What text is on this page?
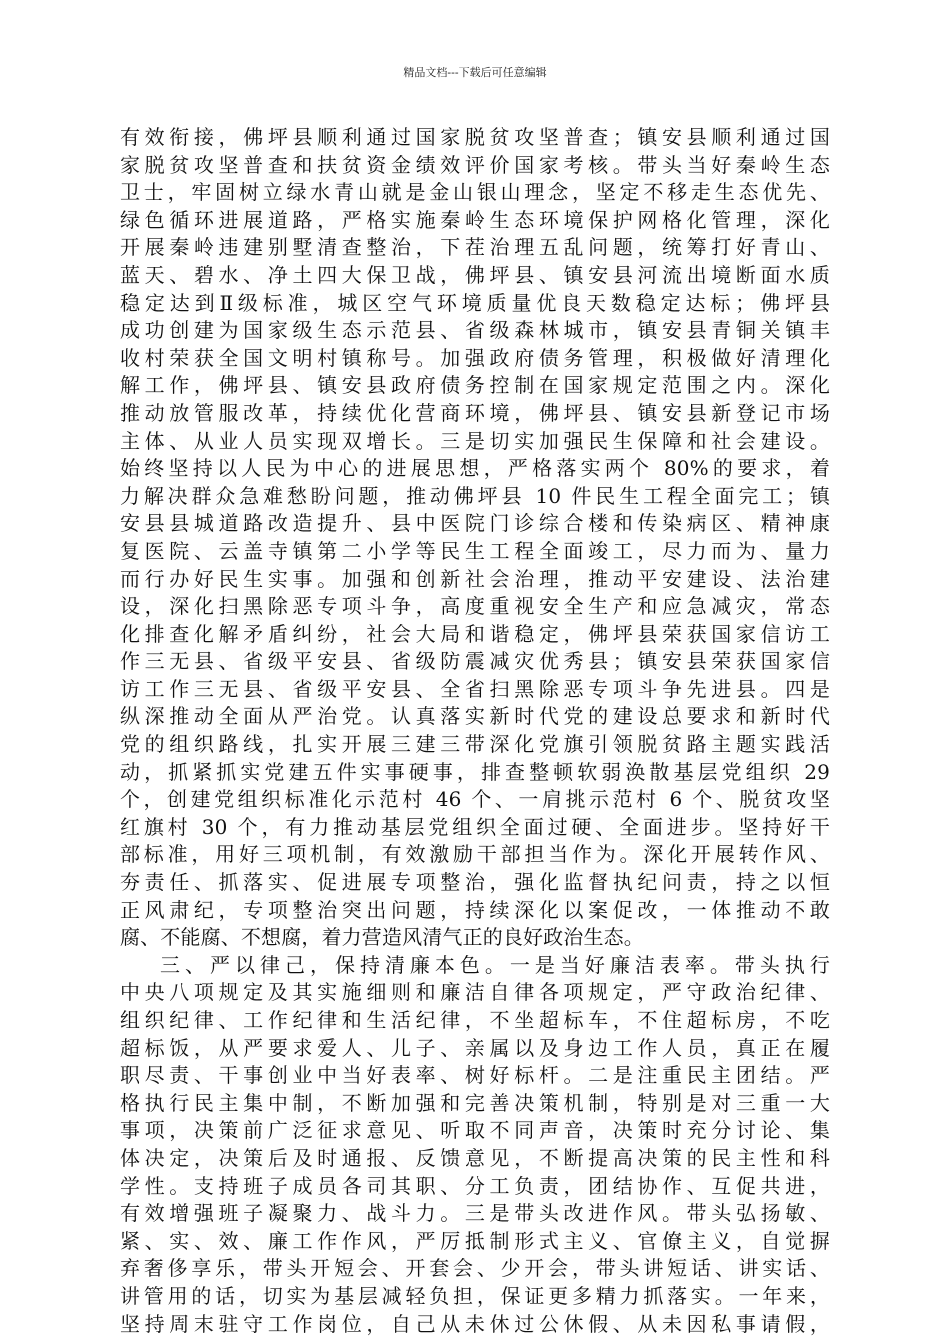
精品文档---下载后可任意编辑
有效衔接，佛坪县顺利通过国家脱贫攻坚普查；镇安县顺利通过国
家脱贫攻坚普查和扶贫资金绩效评价国家考核。带头当好秦岭生态
卫士，牢固树立绿水青山就是金山银山理念，坚定不移走生态优先、
绿色循环进展道路，严格实施秦岭生态环境保护网格化管理，深化
开展秦岭违建别墅清查整治，下茬治理五乱问题，统筹打好青山、
蓝天、碧水、净土四大保卫战，佛坪县、镇安县河流出境断面水质
稳定达到Ⅱ级标准，城区空气环境质量优良天数稳定达标；佛坪县
成功创建为国家级生态示范县、省级森林城市，镇安县青铜关镇丰
收村荣获全国文明村镇称号。加强政府债务管理，积极做好清理化
解工作，佛坪县、镇安县政府债务控制在国家规定范围之内。深化
推动放管服改革，持续优化营商环境，佛坪县、镇安县新登记市场
主体、从业人员实现双增长。三是切实加强民生保障和社会建设。
始终坚持以人民为中心的进展思想，严格落实两个 80%的要求，着
力解决群众急难愁盼问题，推动佛坪县 10 件民生工程全面完工；镇
安县县城道路改造提升、县中医院门诊综合楼和传染病区、精神康
复医院、云盖寺镇第二小学等民生工程全面竣工，尽力而为、量力
而行办好民生实事。加强和创新社会治理，推动平安建设、法治建
设，深化扫黑除恶专项斗争，高度重视安全生产和应急减灾，常态
化排查化解矛盾纠纷，社会大局和谐稳定，佛坪县荣获国家信访工
作三无县、省级平安县、省级防震减灾优秀县；镇安县荣获国家信
访工作三无县、省级平安县、全省扫黑除恶专项斗争先进县。四是
纵深推动全面从严治党。认真落实新时代党的建设总要求和新时代
党的组织路线，扎实开展三建三带深化党旗引领脱贫路主题实践活
动，抓紧抓实党建五件实事硬事，排查整顿软弱涣散基层党组织 29
个，创建党组织标准化示范村 46 个、一肩挑示范村 6 个、脱贫攻坚
红旗村 30 个，有力推动基层党组织全面过硬、全面进步。坚持好干
部标准，用好三项机制，有效激励干部担当作为。深化开展转作风、
夯责任、抓落实、促进展专项整治，强化监督执纪问责，持之以恒
正风肃纪，专项整治突出问题，持续深化以案促改，一体推动不敢
腐、不能腐、不想腐，着力营造风清气正的良好政治生态。
三、严以律己，保持清廉本色。一是当好廉洁表率。带头执行
中央八项规定及其实施细则和廉洁自律各项规定，严守政治纪律、
组织纪律、工作纪律和生活纪律，不坐超标车，不住超标房，不吃
超标饭，从严要求爱人、儿子、亲属以及身边工作人员，真正在履
职尽责、干事创业中当好表率、树好标杆。二是注重民主团结。严
格执行民主集中制，不断加强和完善决策机制，特别是对三重一大
事项，决策前广泛征求意见、听取不同声音，决策时充分讨论、集
体决定，决策后及时通报、反馈意见，不断提高决策的民主性和科
学性。支持班子成员各司其职、分工负责，团结协作、互促共进，
有效增强班子凝聚力、战斗力。三是带头改进作风。带头弘扬敏、
紧、实、效、廉工作作风，严厉抵制形式主义、官僚主义，自觉摒
弃奢侈享乐，带头开短会、开套会、少开会，带头讲短话、讲实话、
讲管用的话，切实为基层减轻负担，保证更多精力抓落实。一年来，
坚持周末驻守工作岗位，自己从未休过公休假、从未因私事请假，
